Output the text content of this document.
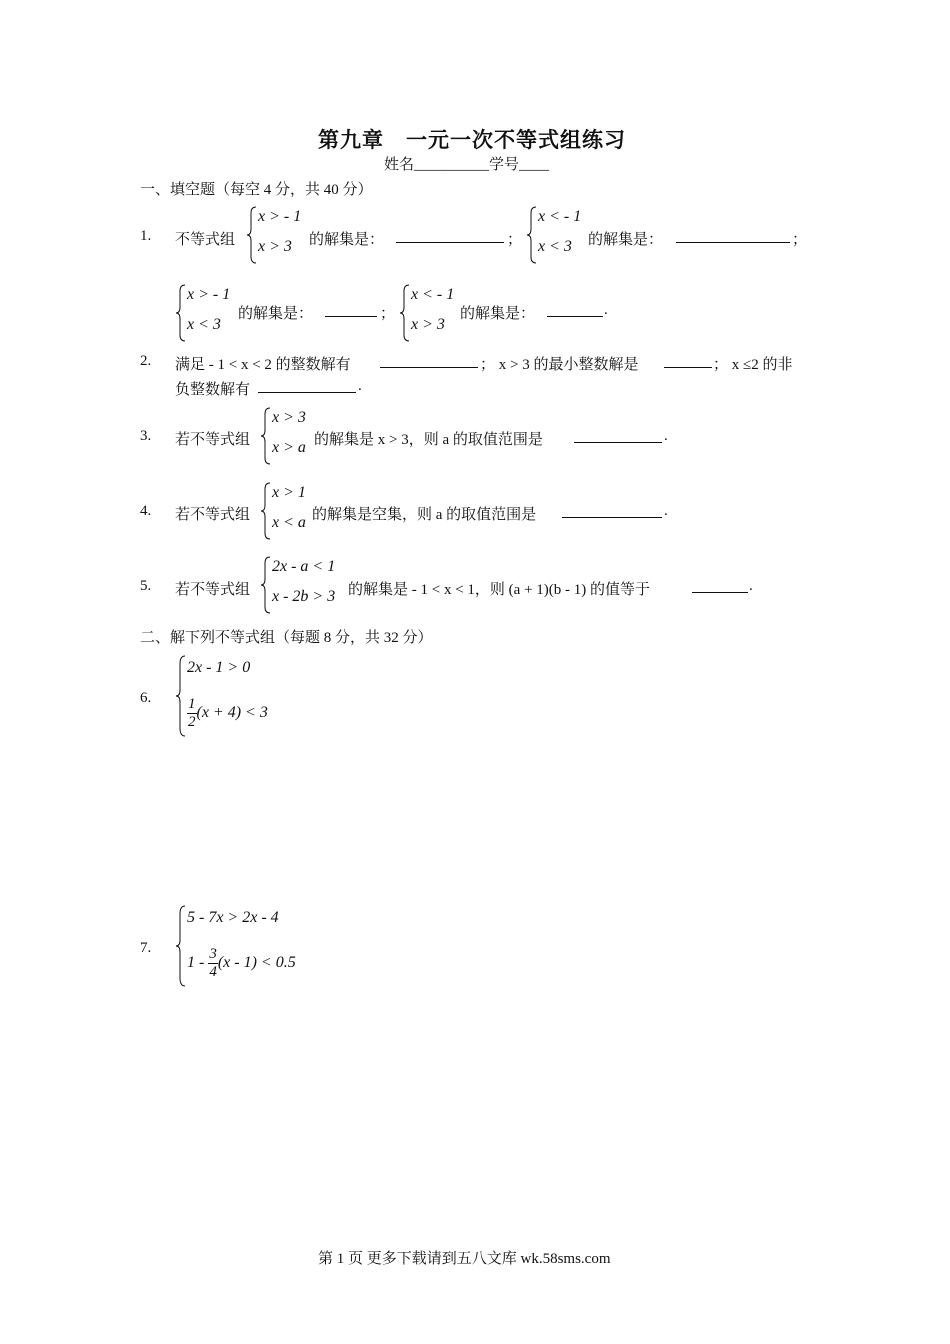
第九章　一元一次不等式组练习
姓名__________学号____
一、填空题（每空 4 分，共 40 分）
1. 不等式组
x > - 1
x > 3 的解集是：	；
x < - 1
x < 3 的解集是：	；
x > - 1
x < 3
的解集是：	；
x < - 1
x > 3
的解集是：	.
2. 满足 - 1 < x < 2 的整数解有	； x > 3 的最小整数解是	； x ≤2 的非
负整数解有	.
3. 若不等式组
x > 3
x > a 的解集是 x > 3，则 a 的取值范围是	.
4. 若不等式组
x > 1
x < a 的解集是空集，则 a 的取值范围是	.
5. 若不等式组
2x - a < 1
x - 2b > 3 的解集是 - 1 < x < 1，则 (a + 1)(b - 1) 的值等于	.
二、解下列不等式组（每题 8 分，共 32 分）
6.
2x - 1 > 0
$\frac{1}{2} (x + 4) < 3$
7.
5 - 7x > 2x - 4
$1 - \frac{3}{4} (x - 1) < 0.5$
第 1 页 更多下载请到五八文库 wk.58sms.com
